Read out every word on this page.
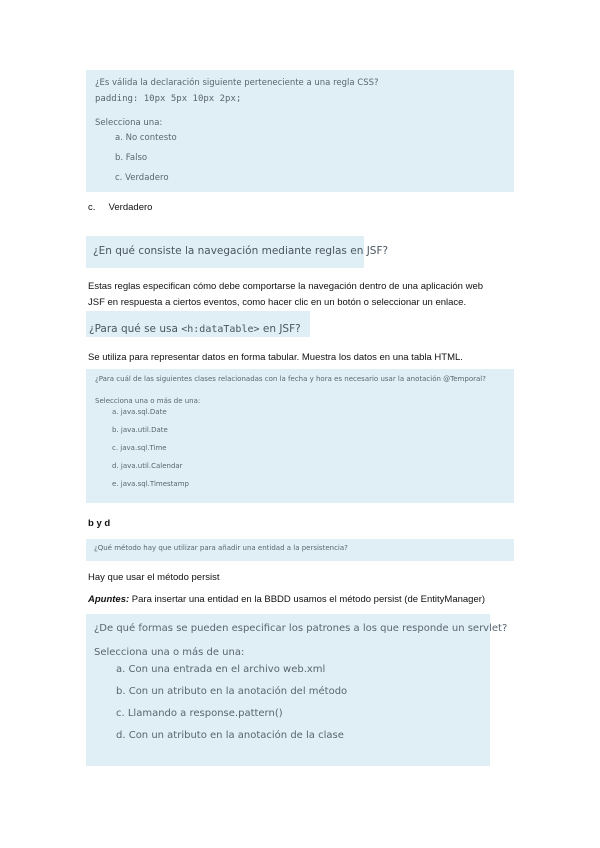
¿Es válida la declaración siguiente perteneciente a una regla CSS?
padding: 10px 5px 10px 2px;
Selecciona una:
a. No contesto
b. Falso
c. Verdadero
c.     Verdadero
¿En qué consiste la navegación mediante reglas en JSF?
Estas reglas especifican cómo debe comportarse la navegación dentro de una aplicación web
JSF en respuesta a ciertos eventos, como hacer clic en un botón o seleccionar un enlace.
¿Para qué se usa <h:dataTable> en JSF?
Se utiliza para representar datos en forma tabular. Muestra los datos en una tabla HTML.
¿Para cuál de las siguientes clases relacionadas con la fecha y hora es necesario usar la anotación @Temporal?
Selecciona una o más de una:
a. java.sql.Date
b. java.util.Date
c. java.sql.Time
d. java.util.Calendar
e. java.sql.Timestamp
b y d
¿Qué método hay que utilizar para añadir una entidad a la persistencia?
Hay que usar el método persist
Apuntes: Para insertar una entidad en la BBDD usamos el método persist (de EntityManager)
¿De qué formas se pueden especificar los patrones a los que responde un servlet?
Selecciona una o más de una:
a. Con una entrada en el archivo web.xml
b. Con un atributo en la anotación del método
c. Llamando a response.pattern()
d. Con un atributo en la anotación de la clase
